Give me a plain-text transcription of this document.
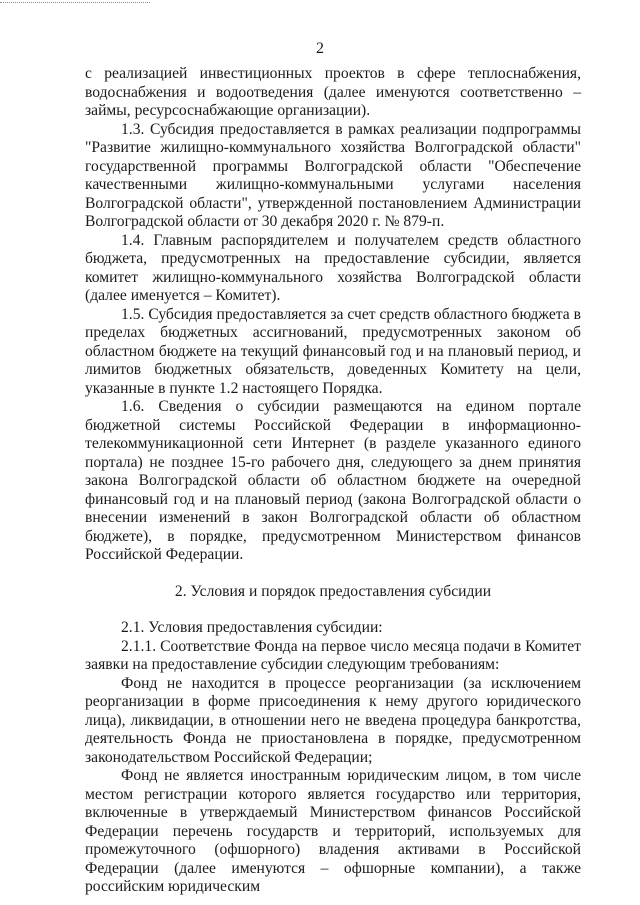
2

с реализацией инвестиционных проектов в сфере теплоснабжения, водоснабжения и водоотведения (далее именуются соответственно – займы, ресурсоснабжающие организации).

1.3. Субсидия предоставляется в рамках реализации подпрограммы "Развитие жилищно-коммунального хозяйства Волгоградской области" государственной программы Волгоградской области "Обеспечение качественными жилищно-коммунальными услугами населения Волгоградской области", утвержденной постановлением Администрации Волгоградской области от 30 декабря 2020 г. № 879-п.

1.4. Главным распорядителем и получателем средств областного бюджета, предусмотренных на предоставление субсидии, является комитет жилищно-коммунального хозяйства Волгоградской области (далее именуется – Комитет).

1.5. Субсидия предоставляется за счет средств областного бюджета в пределах бюджетных ассигнований, предусмотренных законом об областном бюджете на текущий финансовый год и на плановый период, и лимитов бюджетных обязательств, доведенных Комитету на цели, указанные в пункте 1.2 настоящего Порядка.

1.6. Сведения о субсидии размещаются на едином портале бюджетной системы Российской Федерации в информационно-телекоммуникационной сети Интернет (в разделе указанного единого портала) не позднее 15-го рабочего дня, следующего за днем принятия закона Волгоградской области об областном бюджете на очередной финансовый год и на плановый период (закона Волгоградской области о внесении изменений в закон Волгоградской области об областном бюджете), в порядке, предусмотренном Министерством финансов Российской Федерации.

2. Условия и порядок предоставления субсидии

2.1. Условия предоставления субсидии:

2.1.1. Соответствие Фонда на первое число месяца подачи в Комитет заявки на предоставление субсидии следующим требованиям:

Фонд не находится в процессе реорганизации (за исключением реорганизации в форме присоединения к нему другого юридического лица), ликвидации, в отношении него не введена процедура банкротства, деятельность Фонда не приостановлена в порядке, предусмотренном законодательством Российской Федерации;

Фонд не является иностранным юридическим лицом, в том числе местом регистрации которого является государство или территория, включенные в утверждаемый Министерством финансов Российской Федерации перечень государств и территорий, используемых для промежуточного (офшорного) владения активами в Российской Федерации (далее именуются – офшорные компании), а также российским юридическим
